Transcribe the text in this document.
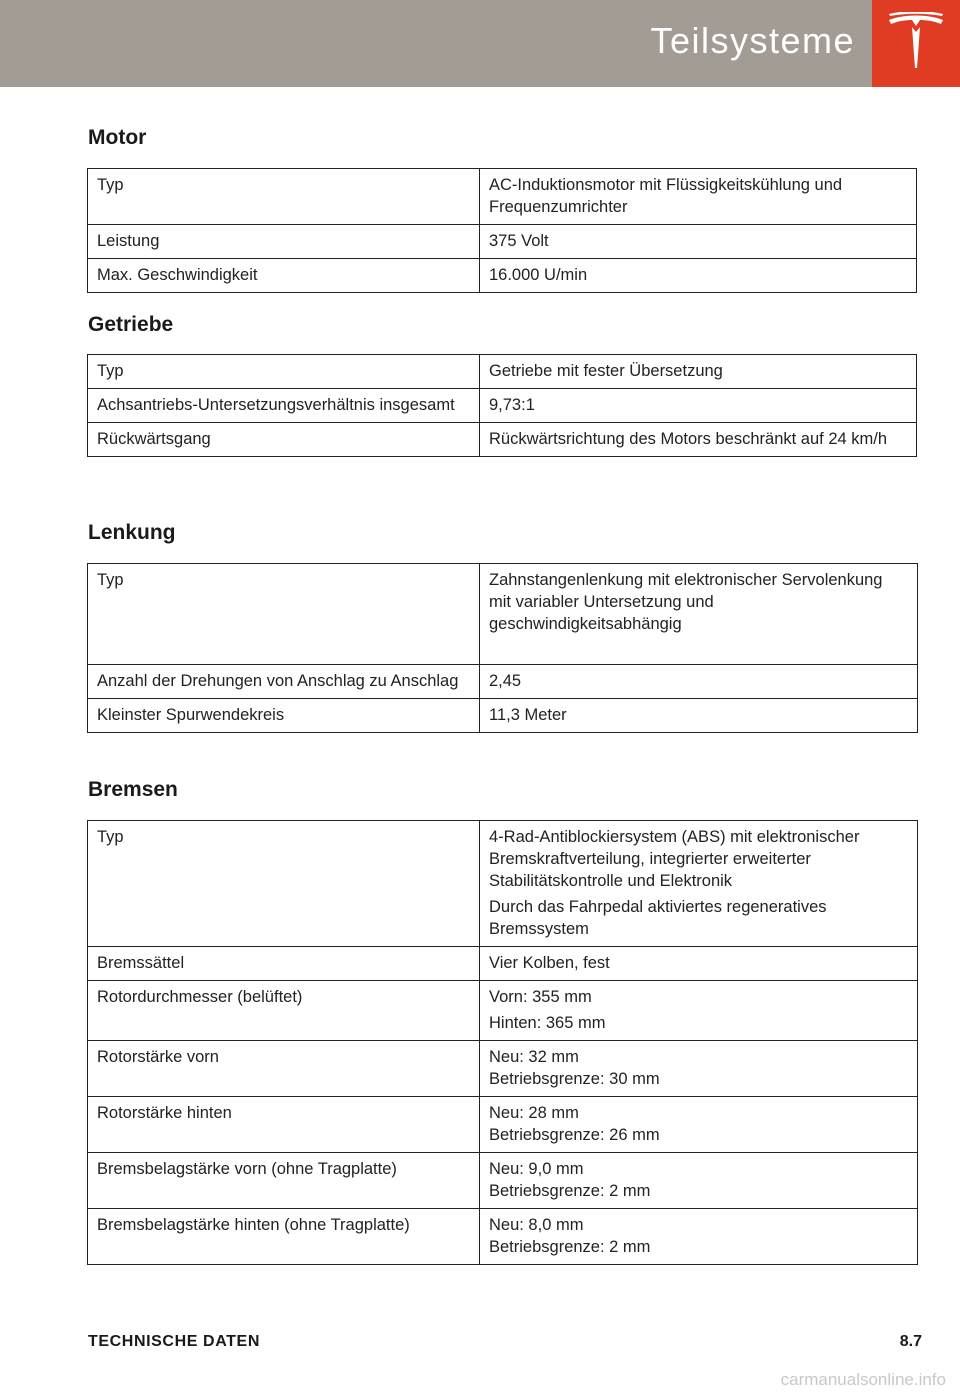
Teilsysteme
Motor
Typ	AC-Induktionsmotor mit Flüssigkeitskühlung und Frequenzumrichter
Leistung	375 Volt
Max. Geschwindigkeit	16.000 U/min
Getriebe
Typ	Getriebe mit fester Übersetzung
Achsantriebs-Untersetzungsverhältnis insgesamt	9,73:1
Rückwärtsgang	Rückwärtsrichtung des Motors beschränkt auf 24 km/h
Lenkung
Typ	Zahnstangenlenkung mit elektronischer Servolenkung mit variabler Untersetzung und geschwindigkeitsabhängig
Anzahl der Drehungen von Anschlag zu Anschlag	2,45
Kleinster Spurwendekreis	11,3 Meter
Bremsen
Typ	4-Rad-Antiblockiersystem (ABS) mit elektronischer Bremskraftverteilung, integrierter erweiterter Stabilitätskontrolle und Elektronik
Durch das Fahrpedal aktiviertes regeneratives Bremssystem

Bremssättel	Vier Kolben, fest
Rotordurchmesser (belüftet)	Vorn: 355 mm
Hinten: 365 mm

Rotorstärke vorn	Neu: 32 mm
Betriebsgrenze: 30 mm

Rotorstärke hinten	Neu: 28 mm
Betriebsgrenze: 26 mm

Bremsbelagstärke vorn (ohne Tragplatte)	Neu: 9,0 mm
Betriebsgrenze: 2 mm

Bremsbelagstärke hinten (ohne Tragplatte)	Neu: 8,0 mm
Betriebsgrenze: 2 mm
TECHNISCHE DATEN	8.7
carmanualsonline.info
